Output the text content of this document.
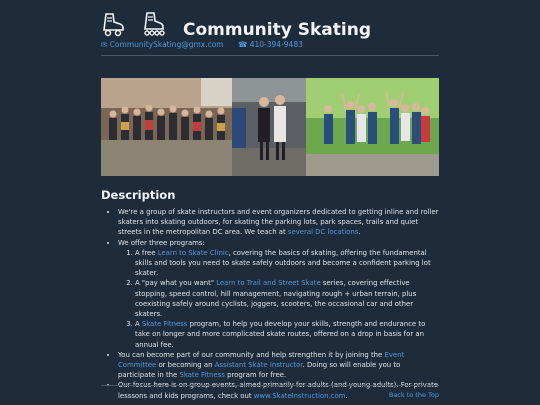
Community Skating
✉ CommunitySkating@gmx.com ☎ 410-394-9483
Description
• We're a group of skate instructors and event organizers dedicated to getting inline and roller skaters into skating outdoors, for skating the parking lots, park spaces, trails and quiet streets in the metropolitan DC area. We teach at several DC locations.
• We offer three programs:
1. A free Learn to Skate Clinic, covering the basics of skating, offering the fundamental skills and tools you need to skate safely outdoors and become a confident parking lot skater.
2. A "pay what you want" Learn to Trail and Street Skate series, covering effective stopping, speed control, hill management, navigating rough + urban terrain, plus coexisting safely around cyclists, joggers, scooters, the occasional car and other skaters.
3. A Skate Fitness program, to help you develop your skills, strength and endurance to take on longer and more complicated skate routes, offered on a drop in basis for an annual fee.
• You can become part of our community and help strengthen it by joining the Event Committee or becoming an Assistant Skate Instructor. Doing so will enable you to participate in the Skate Fitness program for free.
• lesssons and kids programs, check out www.SkateInstruction.com.	Back to the Top
